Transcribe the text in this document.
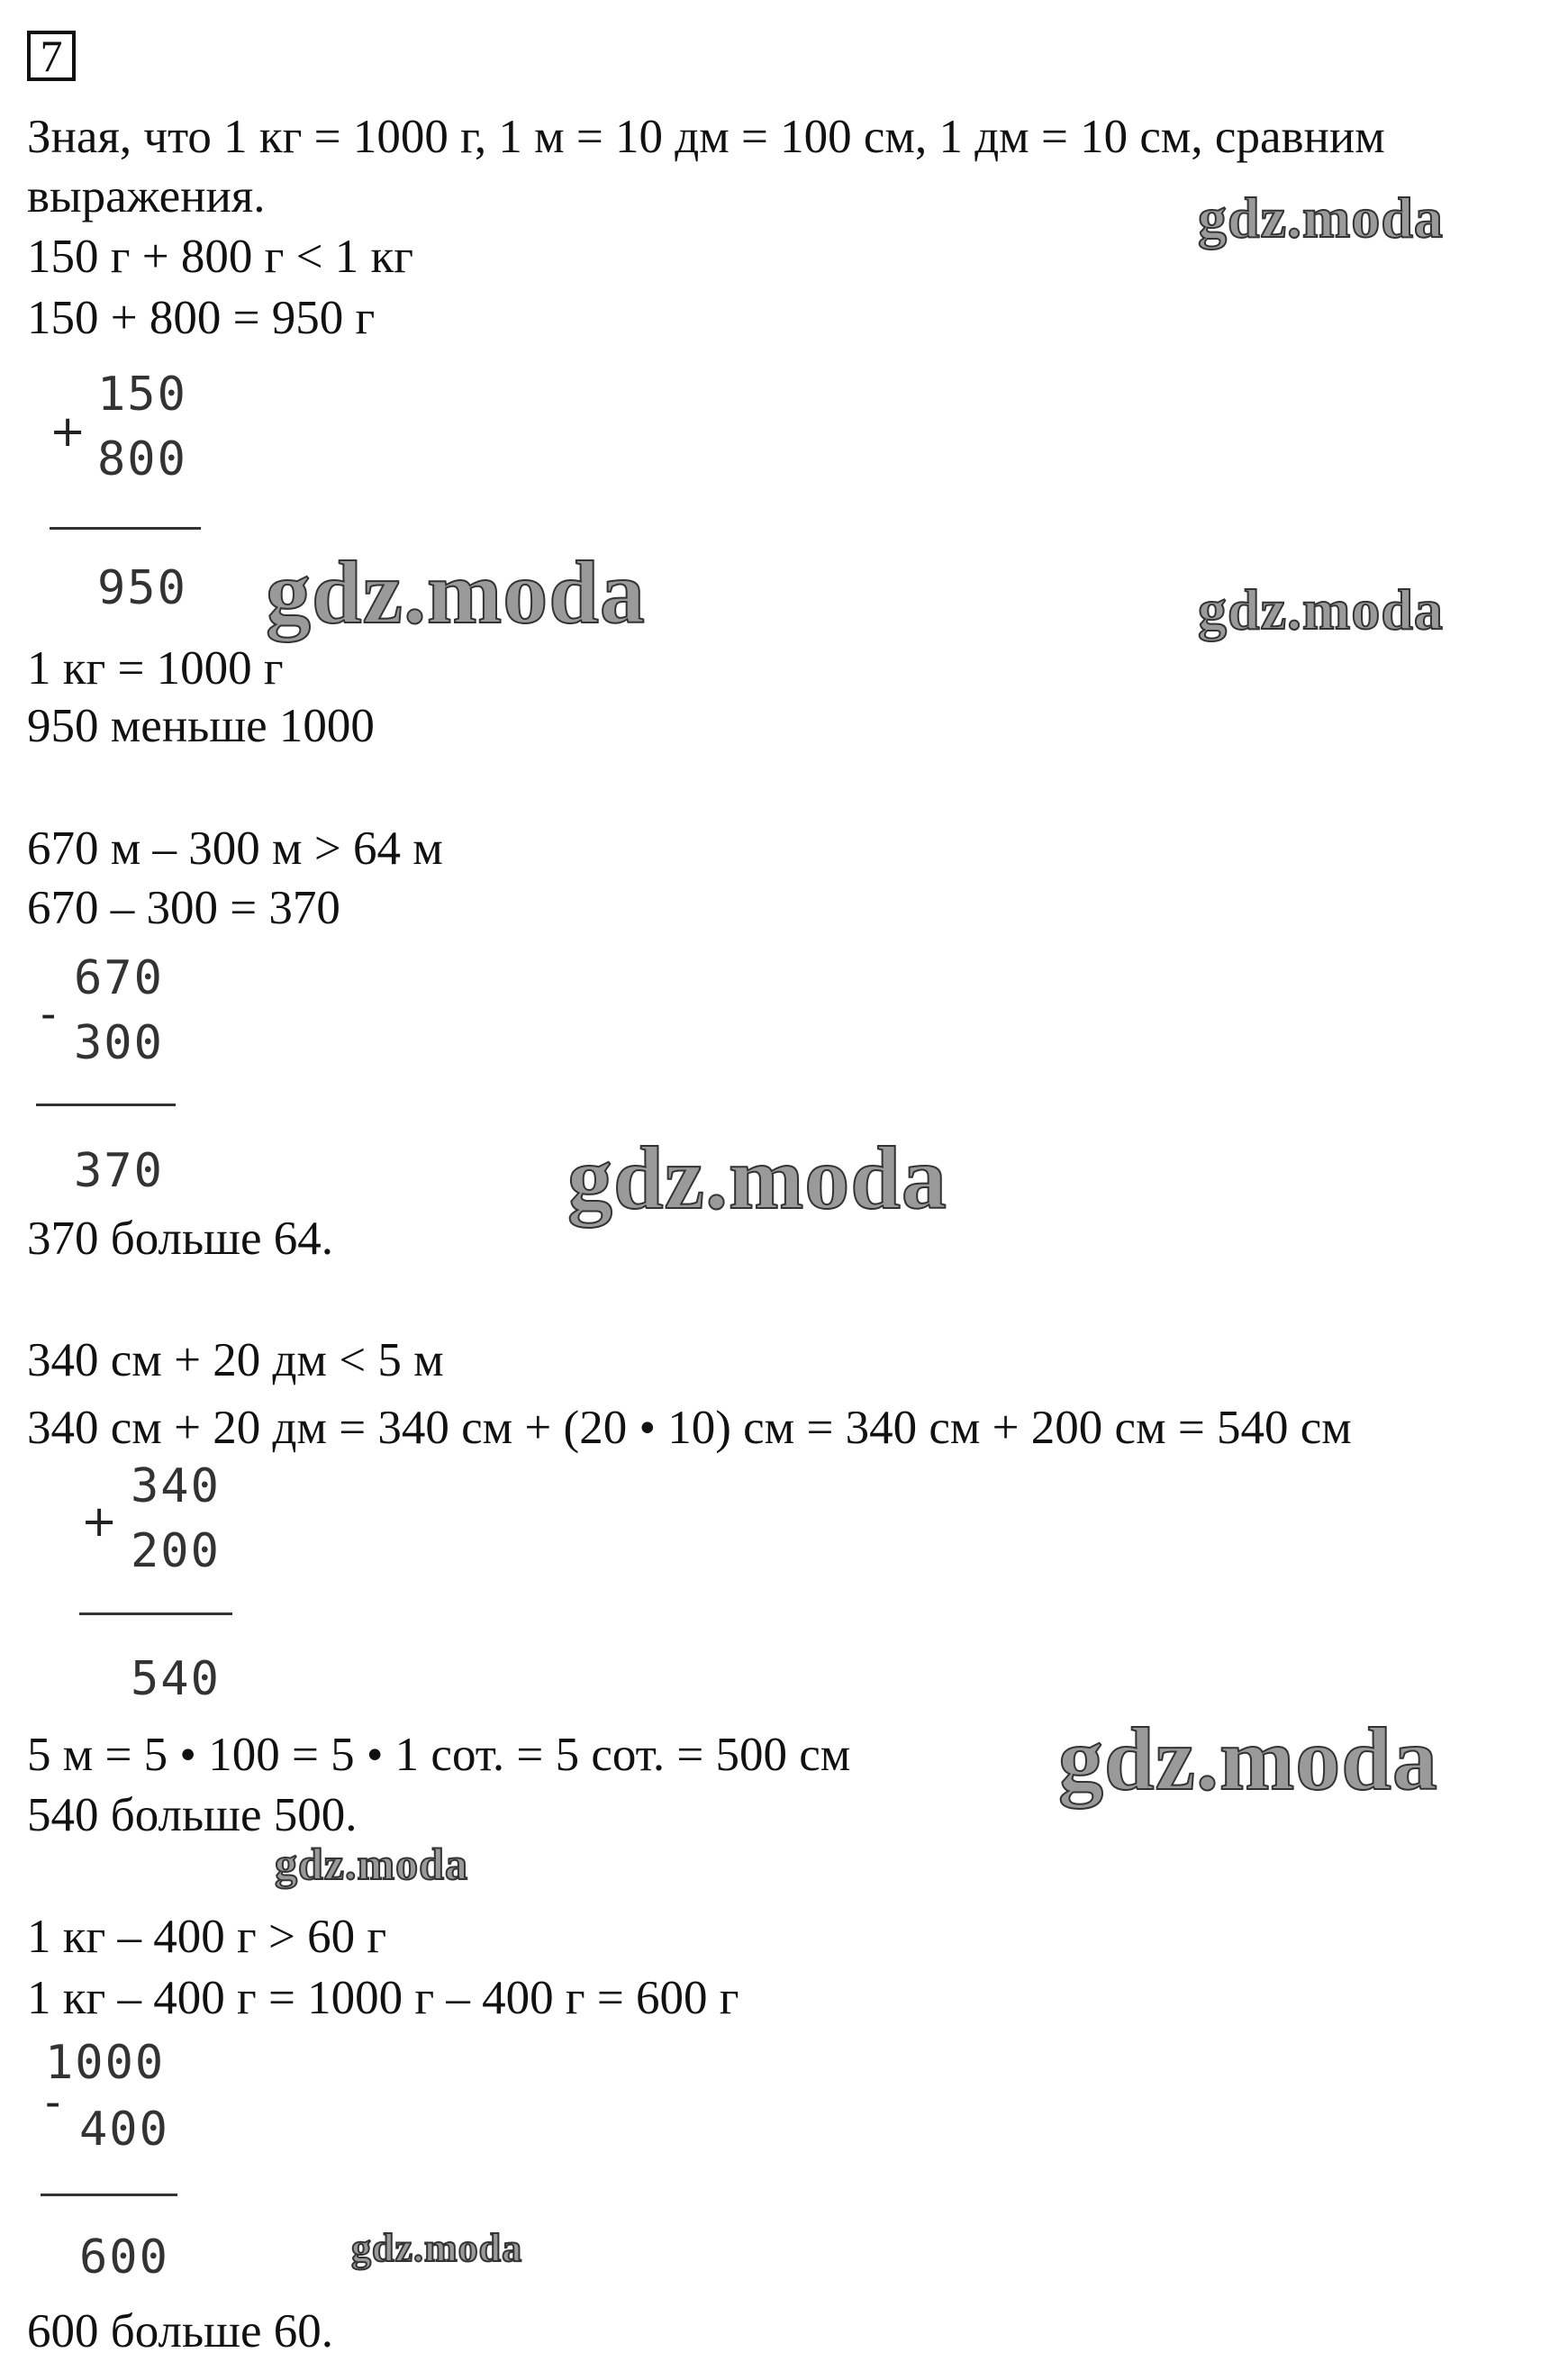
7
Зная, что 1 кг = 1000 г, 1 м = 10 дм = 100 см, 1 дм = 10 см, сравним
выражения.
150 г + 800 г < 1 кг
150 + 800 = 950 г
+
150
800
950
1 кг = 1000 г
950 меньше 1000
670 м – 300 м > 64 м
670 – 300 = 370
-
670
300
370
370 больше 64.
340 см + 20 дм < 5 м
340 см + 20 дм = 340 см + (20 • 10) см = 340 см + 200 см = 540 см
+
340
200
540
5 м = 5 • 100 = 5 • 1 сот. = 5 сот. = 500 см
540 больше 500.
1 кг – 400 г > 60 г
1 кг – 400 г = 1000 г – 400 г = 600 г
-
1000
400
600
600 больше 60.
gdz.moda
gdz.moda	gdz.moda
gdz.moda
gdz.moda
gdz.moda
gdz.moda
